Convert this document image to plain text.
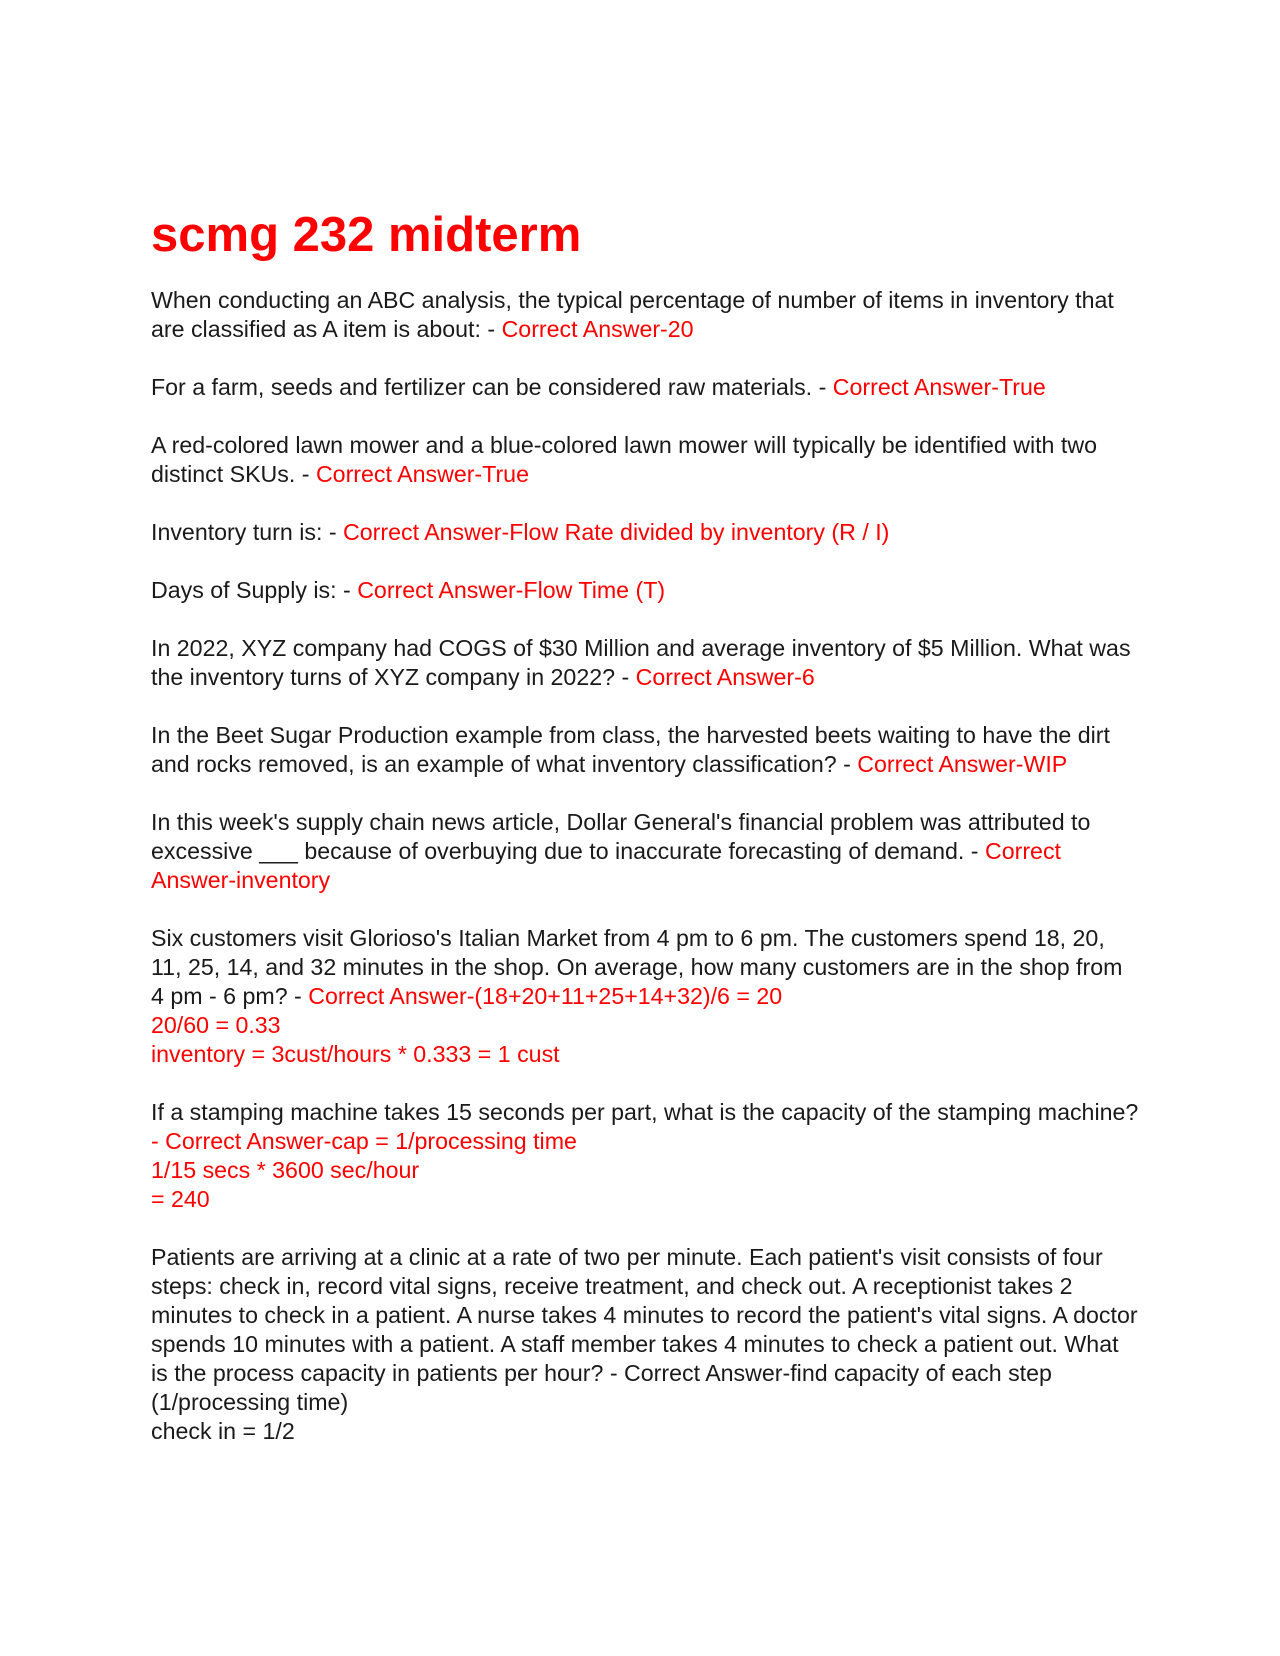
scmg 232 midterm
When conducting an ABC analysis, the typical percentage of number of items in inventory that are classified as A item is about: - Correct Answer-20
For a farm, seeds and fertilizer can be considered raw materials. - Correct Answer-True
A red-colored lawn mower and a blue-colored lawn mower will typically be identified with two distinct SKUs. - Correct Answer-True
Inventory turn is: - Correct Answer-Flow Rate divided by inventory (R / I)
Days of Supply is: - Correct Answer-Flow Time (T)
In 2022, XYZ company had COGS of $30 Million and average inventory of $5 Million. What was the inventory turns of XYZ company in 2022? - Correct Answer-6
In the Beet Sugar Production example from class, the harvested beets waiting to have the dirt and rocks removed, is an example of what inventory classification? - Correct Answer-WIP
In this week's supply chain news article, Dollar General's financial problem was attributed to excessive ___ because of overbuying due to inaccurate forecasting of demand. - Correct Answer-inventory
Six customers visit Glorioso's Italian Market from 4 pm to 6 pm. The customers spend 18, 20, 11, 25, 14, and 32 minutes in the shop. On average, how many customers are in the shop from 4 pm - 6 pm? - Correct Answer-(18+20+11+25+14+32)/6 = 20
20/60 = 0.33
inventory = 3cust/hours * 0.333 = 1 cust
If a stamping machine takes 15 seconds per part, what is the capacity of the stamping machine? - Correct Answer-cap = 1/processing time
1/15 secs * 3600 sec/hour
= 240
Patients are arriving at a clinic at a rate of two per minute. Each patient's visit consists of four steps: check in, record vital signs, receive treatment, and check out. A receptionist takes 2 minutes to check in a patient. A nurse takes 4 minutes to record the patient's vital signs. A doctor spends 10 minutes with a patient. A staff member takes 4 minutes to check a patient out. What is the process capacity in patients per hour? - Correct Answer-find capacity of each step (1/processing time)
check in = 1/2
